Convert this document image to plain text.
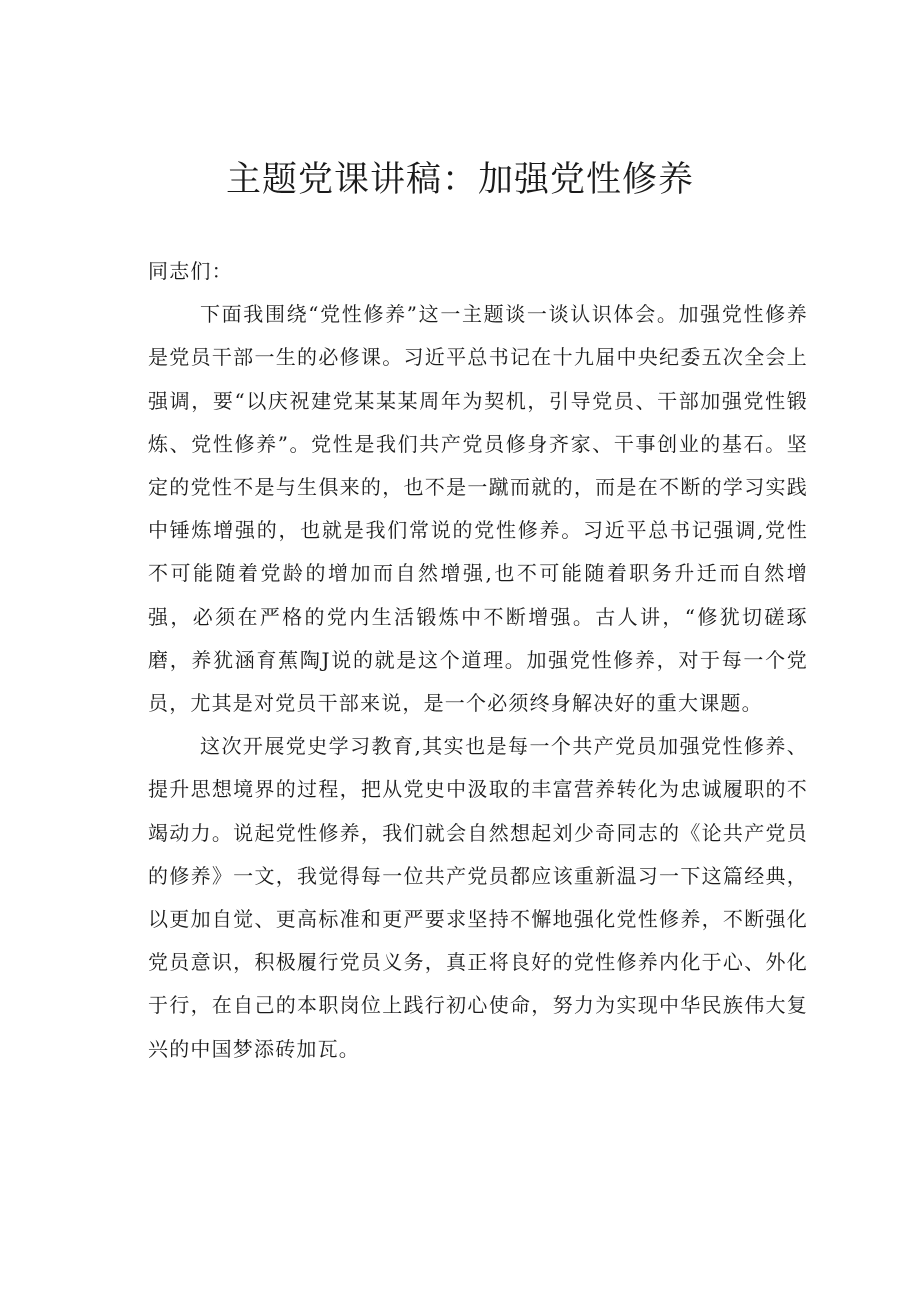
主题党课讲稿：加强党性修养

同志们：

下面我围绕“党性修养”这一主题谈一谈认识体会。加强党性修养是党员干部一生的必修课。习近平总书记在十九届中央纪委五次全会上强调，要“以庆祝建党某某某周年为契机，引导党员、干部加强党性锻炼、党性修养”。党性是我们共产党员修身齐家、干事创业的基石。坚定的党性不是与生俱来的，也不是一蹴而就的，而是在不断的学习实践中锤炼增强的，也就是我们常说的党性修养。习近平总书记强调,党性不可能随着党龄的增加而自然增强,也不可能随着职务升迁而自然增强，必须在严格的党内生活锻炼中不断增强。古人讲，“修犹切磋琢磨，养犹涵育蕉陶J说的就是这个道理。加强党性修养，对于每一个党员，尤其是对党员干部来说，是一个必须终身解决好的重大课题。

这次开展党史学习教育,其实也是每一个共产党员加强党性修养、提升思想境界的过程，把从党史中汲取的丰富营养转化为忠诚履职的不竭动力。说起党性修养，我们就会自然想起刘少奇同志的《论共产党员的修养》一文，我觉得每一位共产党员都应该重新温习一下这篇经典，以更加自觉、更高标准和更严要求坚持不懈地强化党性修养，不断强化党员意识，积极履行党员义务，真正将良好的党性修养内化于心、外化于行，在自己的本职岗位上践行初心使命，努力为实现中华民族伟大复兴的中国梦添砖加瓦。
